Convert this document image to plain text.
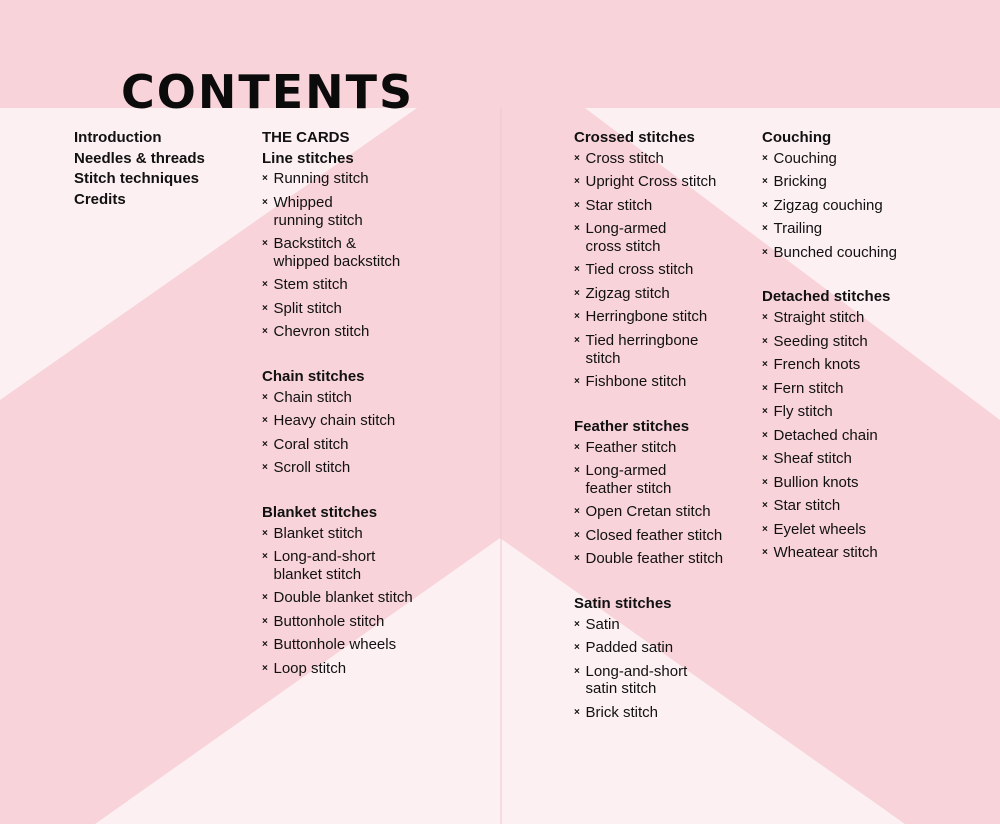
CONTENTS
Introduction
Needles & threads
Stitch techniques
Credits

THE CARDS

Line stitches

× Running stitch
× Whipped
running stitch
× Backstitch &
whipped backstitch
× Stem stitch
× Split stitch
× Chevron stitch

Chain stitches

× Chain stitch
× Heavy chain stitch
× Coral stitch
× Scroll stitch

Blanket stitches

× Blanket stitch
× Long-and-short
blanket stitch
× Double blanket stitch
× Buttonhole stitch
× Buttonhole wheels
× Loop stitch

Crossed stitches

× Cross stitch
× Upright Cross stitch
× Star stitch
× Long-armed
cross stitch
× Tied cross stitch
× Zigzag stitch
× Herringbone stitch
× Tied herringbone
stitch
× Fishbone stitch

Feather stitches

× Feather stitch
× Long-armed
feather stitch
× Open Cretan stitch
× Closed feather stitch
× Double feather stitch

Satin stitches

× Satin
× Padded satin
× Long-and-short
satin stitch
× Brick stitch

Couching

× Couching
× Bricking
× Zigzag couching
× Trailing
× Bunched couching

Detached stitches

× Straight stitch
× Seeding stitch
× French knots
× Fern stitch
× Fly stitch
× Detached chain
× Sheaf stitch
× Bullion knots
× Star stitch
× Eyelet wheels
× Wheatear stitch
